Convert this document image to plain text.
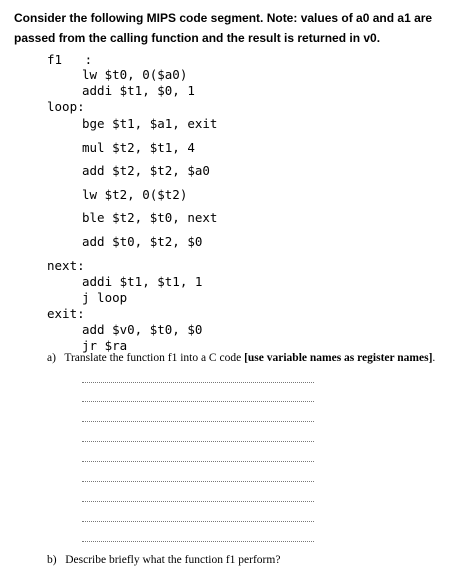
Consider the following MIPS code segment. Note: values of a0 and a1 are
passed from the calling function and the result is returned in v0.
f1   :
lw $t0, 0($a0)
addi $t1, $0, 1
loop:
bge $t1, $a1, exit
mul $t2, $t1, 4
add $t2, $t2, $a0
lw $t2, 0($t2)
ble $t2, $t0, next
add $t0, $t2, $0
next:
addi $t1, $t1, 1
j loop
exit:
add $v0, $t0, $0
jr $ra
a) Translate the function f1 into a C code [use variable names as register names].
b) Describe briefly what the function f1 perform?
